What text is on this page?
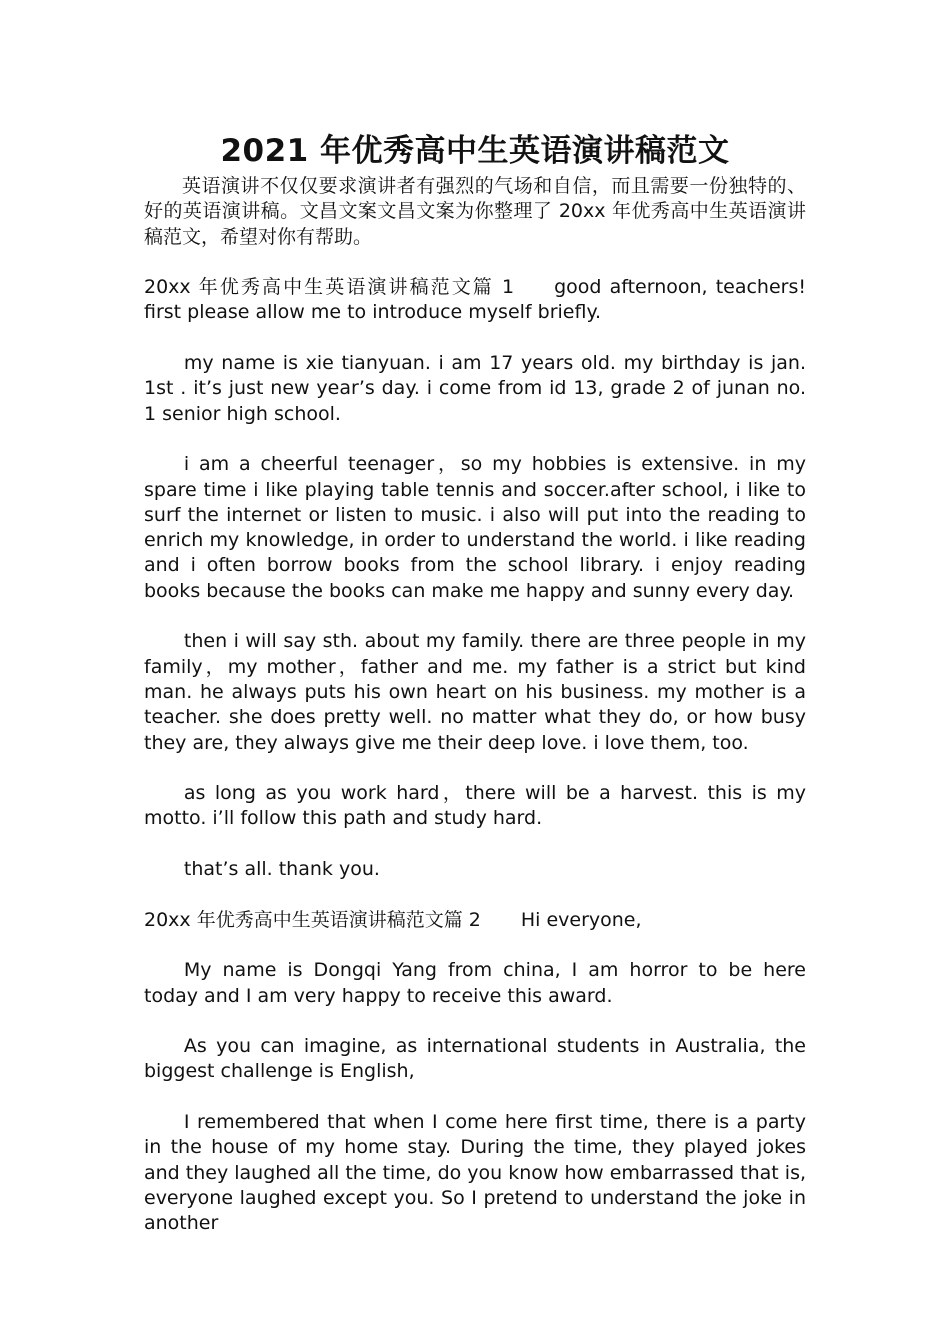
2021 年优秀高中生英语演讲稿范文

英语演讲不仅仅要求演讲者有强烈的气场和自信，而且需要一份独特的、好的英语演讲稿。文昌文案文昌文案为你整理了 20xx 年优秀高中生英语演讲稿范文，希望对你有帮助。

20xx 年优秀高中生英语演讲稿范文篇 1 good afternoon, teachers! first please allow me to introduce myself briefly.

my name is xie tianyuan. i am 17 years old. my birthday is jan. 1st . it’s just new year’s day. i come from id 13, grade 2 of junan no. 1 senior high school.

i am a cheerful teenager，so my hobbies is extensive. in my spare time i like playing table tennis and soccer.after school, i like to surf the internet or listen to music. i also will put into the reading to enrich my knowledge, in order to understand the world. i like reading and i often borrow books from the school library. i enjoy reading books because the books can make me happy and sunny every day.

then i will say sth. about my family. there are three people in my family，my mother，father and me. my father is a strict but kind man. he always puts his own heart on his business. my mother is a teacher. she does pretty well. no matter what they do, or how busy they are, they always give me their deep love. i love them, too.

as long as you work hard，there will be a harvest. this is my motto. i’ll follow this path and study hard.

that’s all. thank you.

20xx 年优秀高中生英语演讲稿范文篇 2 Hi everyone,

My name is Dongqi Yang from china, I am horror to be here today and I am very happy to receive this award.

As you can imagine, as international students in Australia, the biggest challenge is English,

I remembered that when I come here first time, there is a party in the house of my home stay. During the time, they played jokes and they laughed all the time, do you know how embarrassed that is, everyone laughed except you. So I pretend to understand the joke in another
